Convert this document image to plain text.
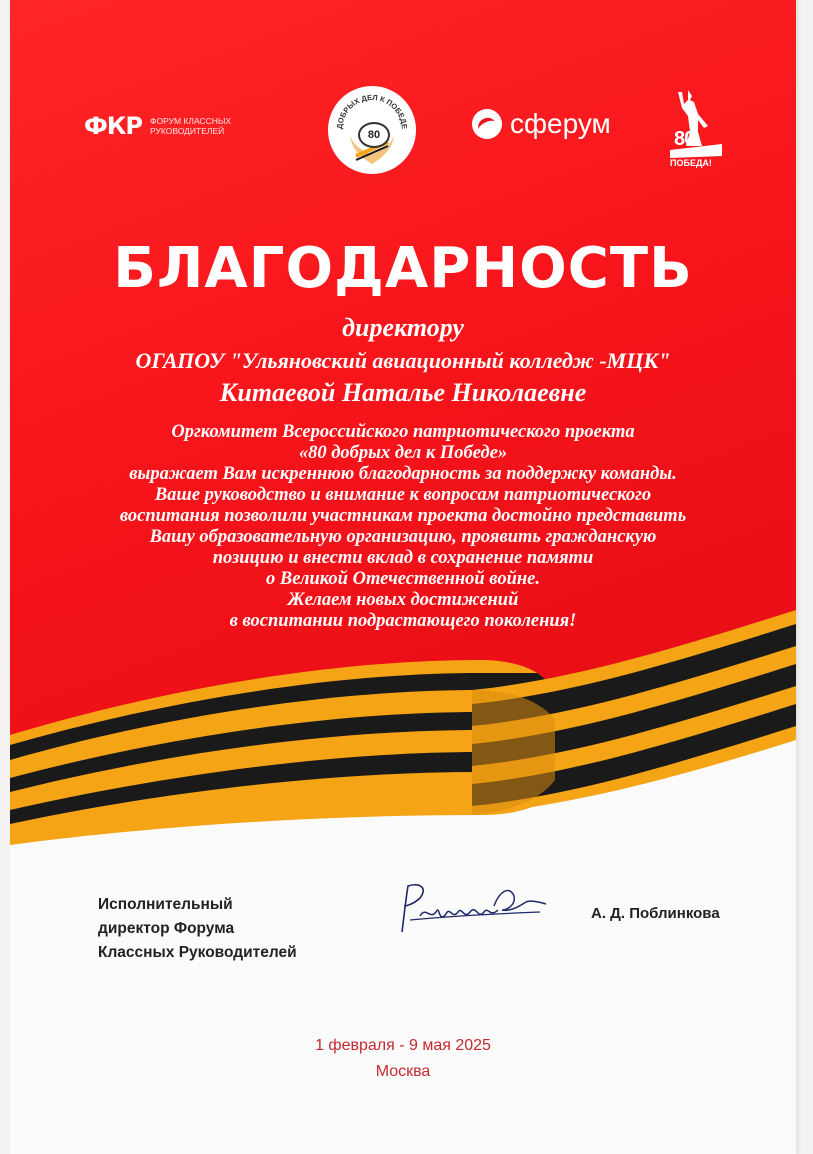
ФКР ФОРУМ КЛАССНЫХ РУКОВОДИТЕЛЕЙ	ДОБРЫХ ДЕЛ К ПОБЕДЕ
80	сферум	80
ПОБЕДА!
БЛАГОДАРНОСТЬ
директору
ОГАПОУ "Ульяновский авиационный колледж -МЦК"
Китаевой Наталье Николаевне
Оргкомитет Всероссийского патриотического проекта
«80 добрых дел к Победе»
выражает Вам искреннюю благодарность за поддержку команды.
Ваше руководство и внимание к вопросам патриотического
воспитания позволили участникам проекта достойно представить
Вашу образовательную организацию, проявить гражданскую
позицию и внести вклад в сохранение памяти
о Великой Отечественной войне.
Желаем новых достижений
в воспитании подрастающего поколения!
Исполнительный
директор Форума
Классных Руководителей
А. Д. Поблинкова
1 февраля - 9 мая 2025
Москва
